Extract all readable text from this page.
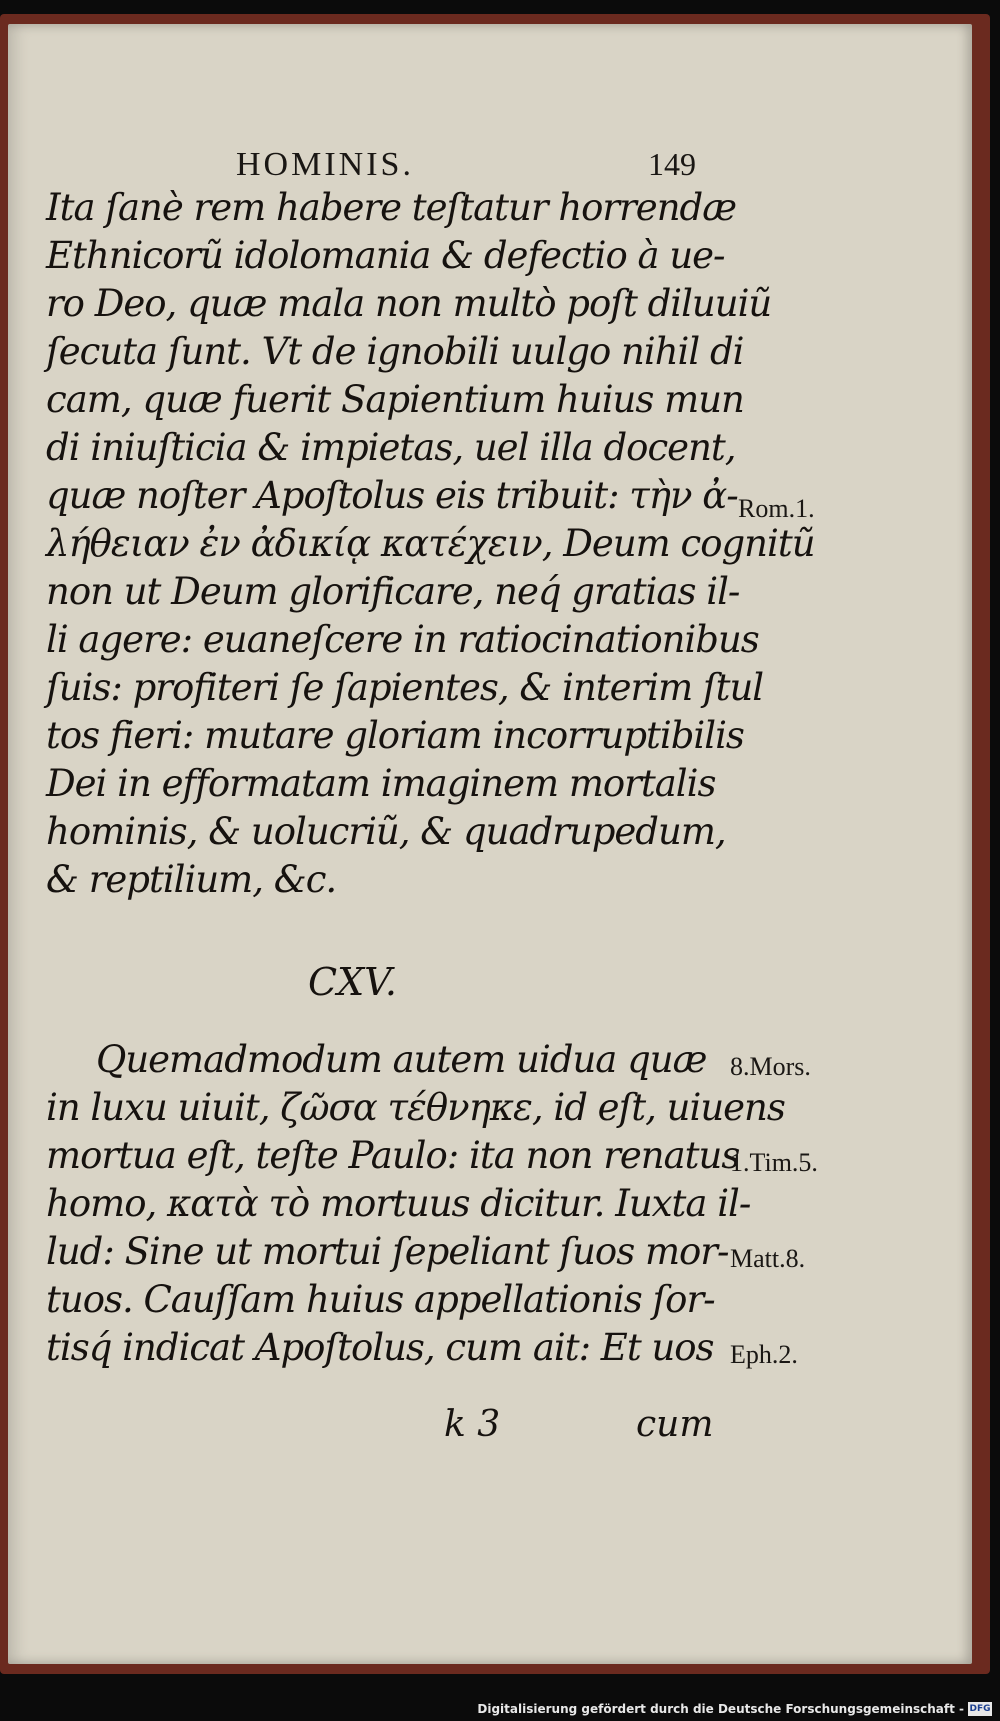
HOMINIS.	149
Ita ſanè rem habere teſtatur horrendæ
Ethnicorũ idolomania & defectio à ue-
ro Deo, quæ mala non multò poſt diluuiũ
ſecuta ſunt. Vt de ignobili uulgo nihil di
cam, quæ fuerit Sapientium huius mun
di iniuſticia & impietas, uel illa docent,
quæ noſter Apoſtolus eis tribuit: τὴν ἀ-
λήθειαν ἐν ἀδικίᾳ κατέχειν, Deum cognitũ
non ut Deum glorificare, neq́ gratias il-
li agere: euaneſcere in ratiocinationibus
ſuis: profiteri ſe ſapientes, & interim ſtul
tos fieri: mutare gloriam incorruptibilis
Dei in efformatam imaginem mortalis
hominis, & uolucriũ, & quadrupedum,
& reptilium, &c.
CXV.
Quemadmodum autem uidua quæ
in luxu uiuit, ζῶσα τέθνηκε, id eſt, uiuens
mortua eſt, teſte Paulo: ita non renatus
homo, κατὰ τὸ mortuus dicitur. Iuxta il-
lud: Sine ut mortui ſepeliant ſuos mor-
tuos. Cauſſam huius appellationis ſor-
tisq́ indicat Apoſtolus, cum ait: Et uos
k 3	cum
Rom.1.
8.Mors.
1.Tim.5.
Matt.8.
Eph.2.
Digitalisierung gefördert durch die Deutsche Forschungsgemeinschaft - DFG
